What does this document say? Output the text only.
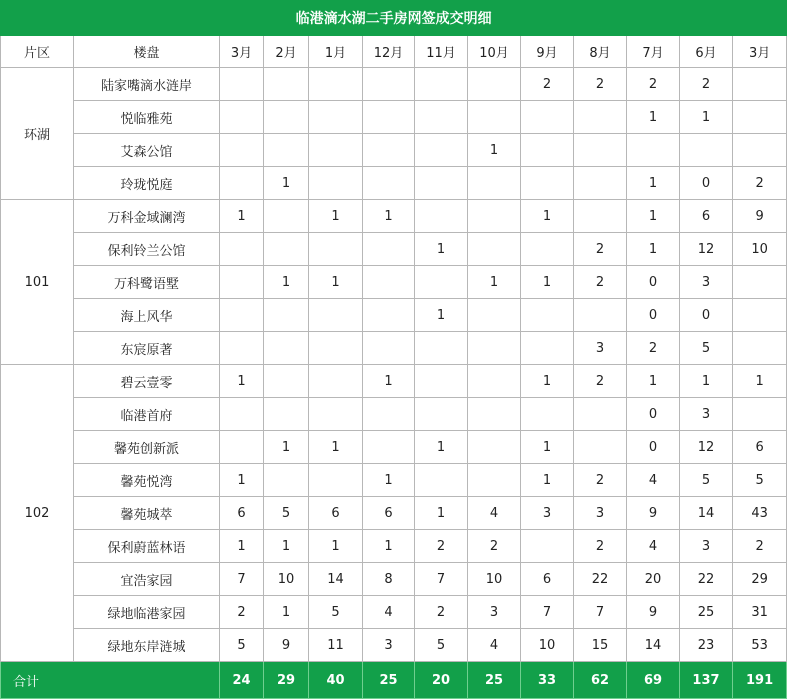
临港滴水湖二手房网签成交明细												
片区	楼盘	3月	2月	1月	12月	11月	10月	9月	8月	7月	6月	3月
环湖	陆家嘴滴水涟岸							2	2	2	2	
	悦临雅苑									1	1	
	艾森公馆						1					
	玲珑悦庭		1							1	0	2
101	万科金域澜湾	1		1	1			1		1	6	9
	保利铃兰公馆					1			2	1	12	10
	万科鹭语墅		1	1			1	1	2	0	3	
	海上风华					1				0	0	
	东宸原著								3	2	5	
102	碧云壹零	1			1			1	2	1	1	1
	临港首府									0	3	
	馨苑创新派		1	1		1		1		0	12	6
	馨苑悦湾	1			1			1	2	4	5	5
	馨苑城萃	6	5	6	6	1	4	3	3	9	14	43
	保利蔚蓝林语	1	1	1	1	2	2		2	4	3	2
	宜浩家园	7	10	14	8	7	10	6	22	20	22	29
	绿地临港家园	2	1	5	4	2	3	7	7	9	25	31
	绿地东岸涟城	5	9	11	3	5	4	10	15	14	23	53
合计		24	29	40	25	20	25	33	62	69	137	191
